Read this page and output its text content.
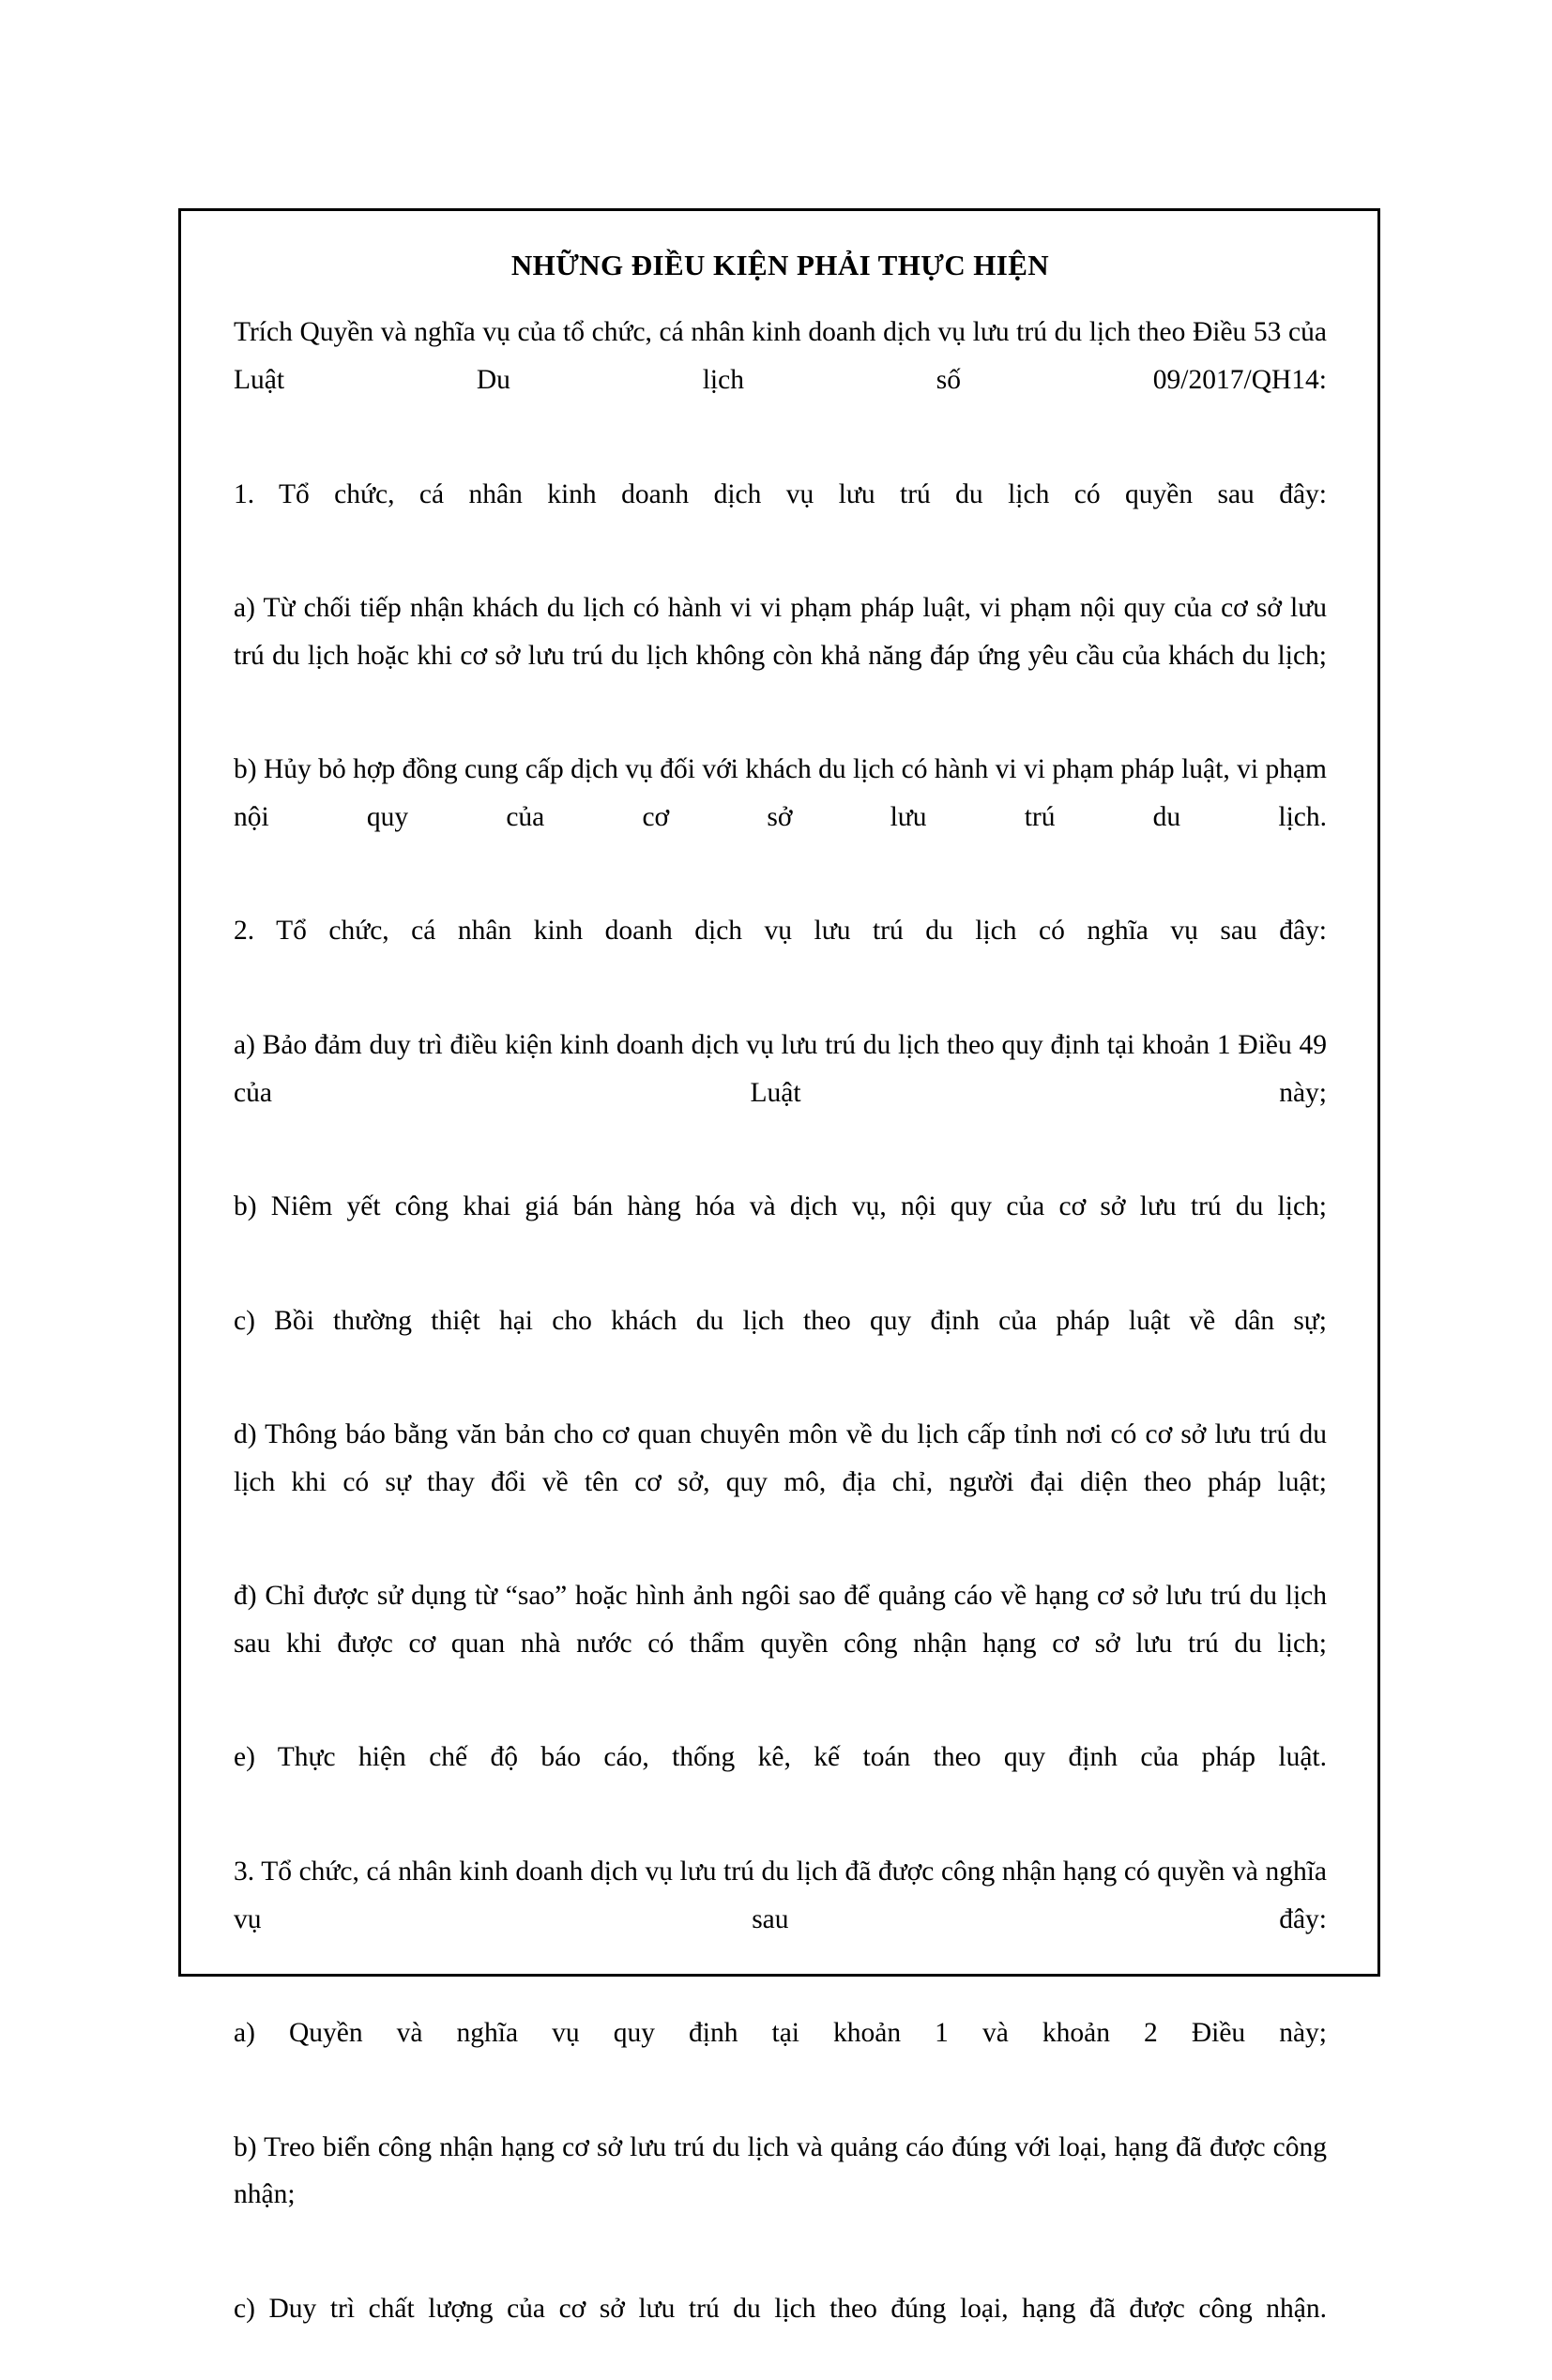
NHỮNG ĐIỀU KIỆN PHẢI THỰC HIỆN

Trích Quyền và nghĩa vụ của tổ chức, cá nhân kinh doanh dịch vụ lưu trú du lịch theo Điều 53 của Luật Du lịch số 09/2017/QH14:

1. Tổ chức, cá nhân kinh doanh dịch vụ lưu trú du lịch có quyền sau đây:

a) Từ chối tiếp nhận khách du lịch có hành vi vi phạm pháp luật, vi phạm nội quy của cơ sở lưu trú du lịch hoặc khi cơ sở lưu trú du lịch không còn khả năng đáp ứng yêu cầu của khách du lịch;

b) Hủy bỏ hợp đồng cung cấp dịch vụ đối với khách du lịch có hành vi vi phạm pháp luật, vi phạm nội quy của cơ sở lưu trú du lịch.

2. Tổ chức, cá nhân kinh doanh dịch vụ lưu trú du lịch có nghĩa vụ sau đây:

a) Bảo đảm duy trì điều kiện kinh doanh dịch vụ lưu trú du lịch theo quy định tại khoản 1 Điều 49 của Luật này;

b) Niêm yết công khai giá bán hàng hóa và dịch vụ, nội quy của cơ sở lưu trú du lịch;

c) Bồi thường thiệt hại cho khách du lịch theo quy định của pháp luật về dân sự;

d) Thông báo bằng văn bản cho cơ quan chuyên môn về du lịch cấp tỉnh nơi có cơ sở lưu trú du lịch khi có sự thay đổi về tên cơ sở, quy mô, địa chỉ, người đại diện theo pháp luật;

đ) Chỉ được sử dụng từ “sao” hoặc hình ảnh ngôi sao để quảng cáo về hạng cơ sở lưu trú du lịch sau khi được cơ quan nhà nước có thẩm quyền công nhận hạng cơ sở lưu trú du lịch;

e) Thực hiện chế độ báo cáo, thống kê, kế toán theo quy định của pháp luật.

3. Tổ chức, cá nhân kinh doanh dịch vụ lưu trú du lịch đã được công nhận hạng có quyền và nghĩa vụ sau đây:

a) Quyền và nghĩa vụ quy định tại khoản 1 và khoản 2 Điều này;

b) Treo biển công nhận hạng cơ sở lưu trú du lịch và quảng cáo đúng với loại, hạng đã được công nhận;

c) Duy trì chất lượng của cơ sở lưu trú du lịch theo đúng loại, hạng đã được công nhận.
